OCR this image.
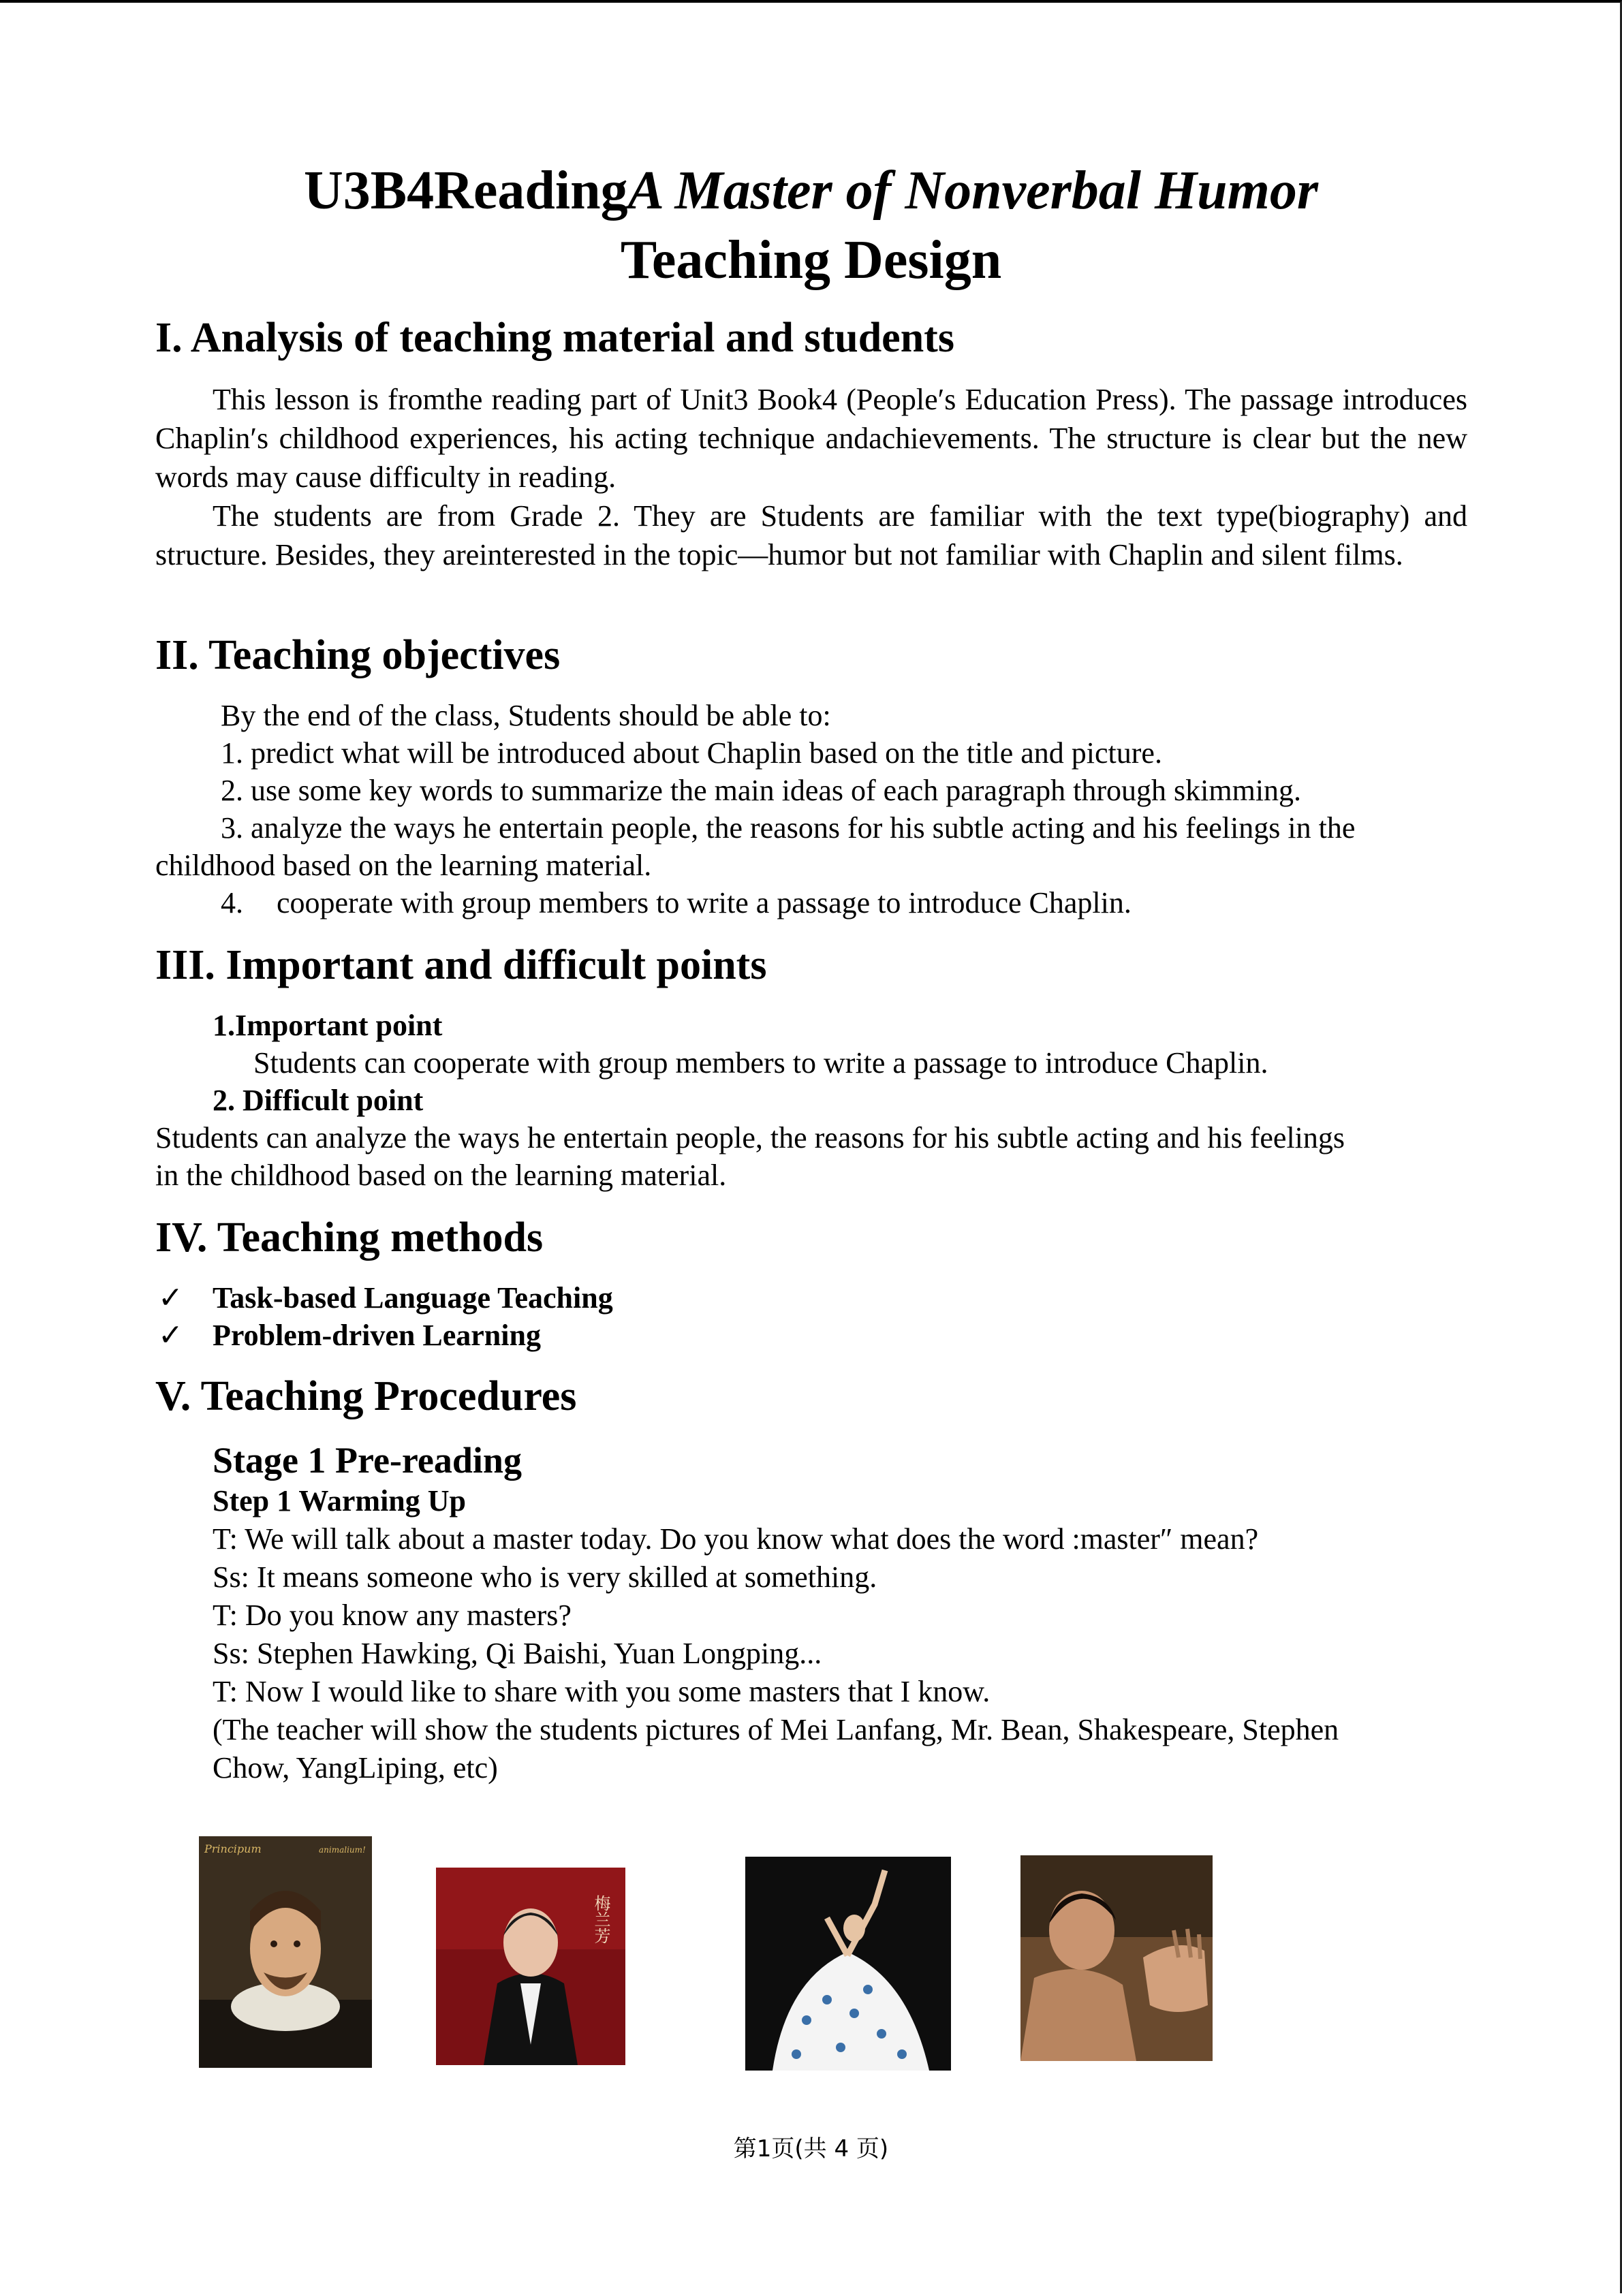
U3B4ReadingA Master of Nonverbal Humor
Teaching Design
I. Analysis of teaching material and students
This lesson is fromthe reading part of Unit3 Book4 (People′s Education Press). The passage introduces Chaplin′s childhood experiences, his acting technique andachievements. The structure is clear but the new words may cause difficulty in reading.
The students are from Grade 2. They are Students are familiar with the text type(biography) and structure. Besides, they areinterested in the topic—humor but not familiar with Chaplin and silent films.
II. Teaching objectives
By the end of the class, Students should be able to:
1. predict what will be introduced about Chaplin based on the title and picture.
2. use some key words to summarize the main ideas of each paragraph through skimming.
3. analyze the ways he entertain people, the reasons for his subtle acting and his feelings in the
childhood based on the learning material.
4. cooperate with group members to write a passage to introduce Chaplin.
III. Important and difficult points
1.Important point
Students can cooperate with group members to write a passage to introduce Chaplin.
2. Difficult point
Students can analyze the ways he entertain people, the reasons for his subtle acting and his feelings
in the childhood based on the learning material.
IV. Teaching methods
✓ Task-based Language Teaching
✓ Problem-driven Learning
V. Teaching Procedures
Stage 1 Pre-reading
Step 1 Warming Up
T: We will talk about a master today. Do you know what does the word :master″ mean?
Ss: It means someone who is very skilled at something.
T: Do you know any masters?
Ss: Stephen Hawking, Qi Baishi, Yuan Longping...
T: Now I would like to share with you some masters that I know.
(The teacher will show the students pictures of Mei Lanfang, Mr. Bean, Shakespeare, Stephen
Chow, YangLiping, etc)
Principum	animalium!
梅兰芳
第1页(共 4 页)
